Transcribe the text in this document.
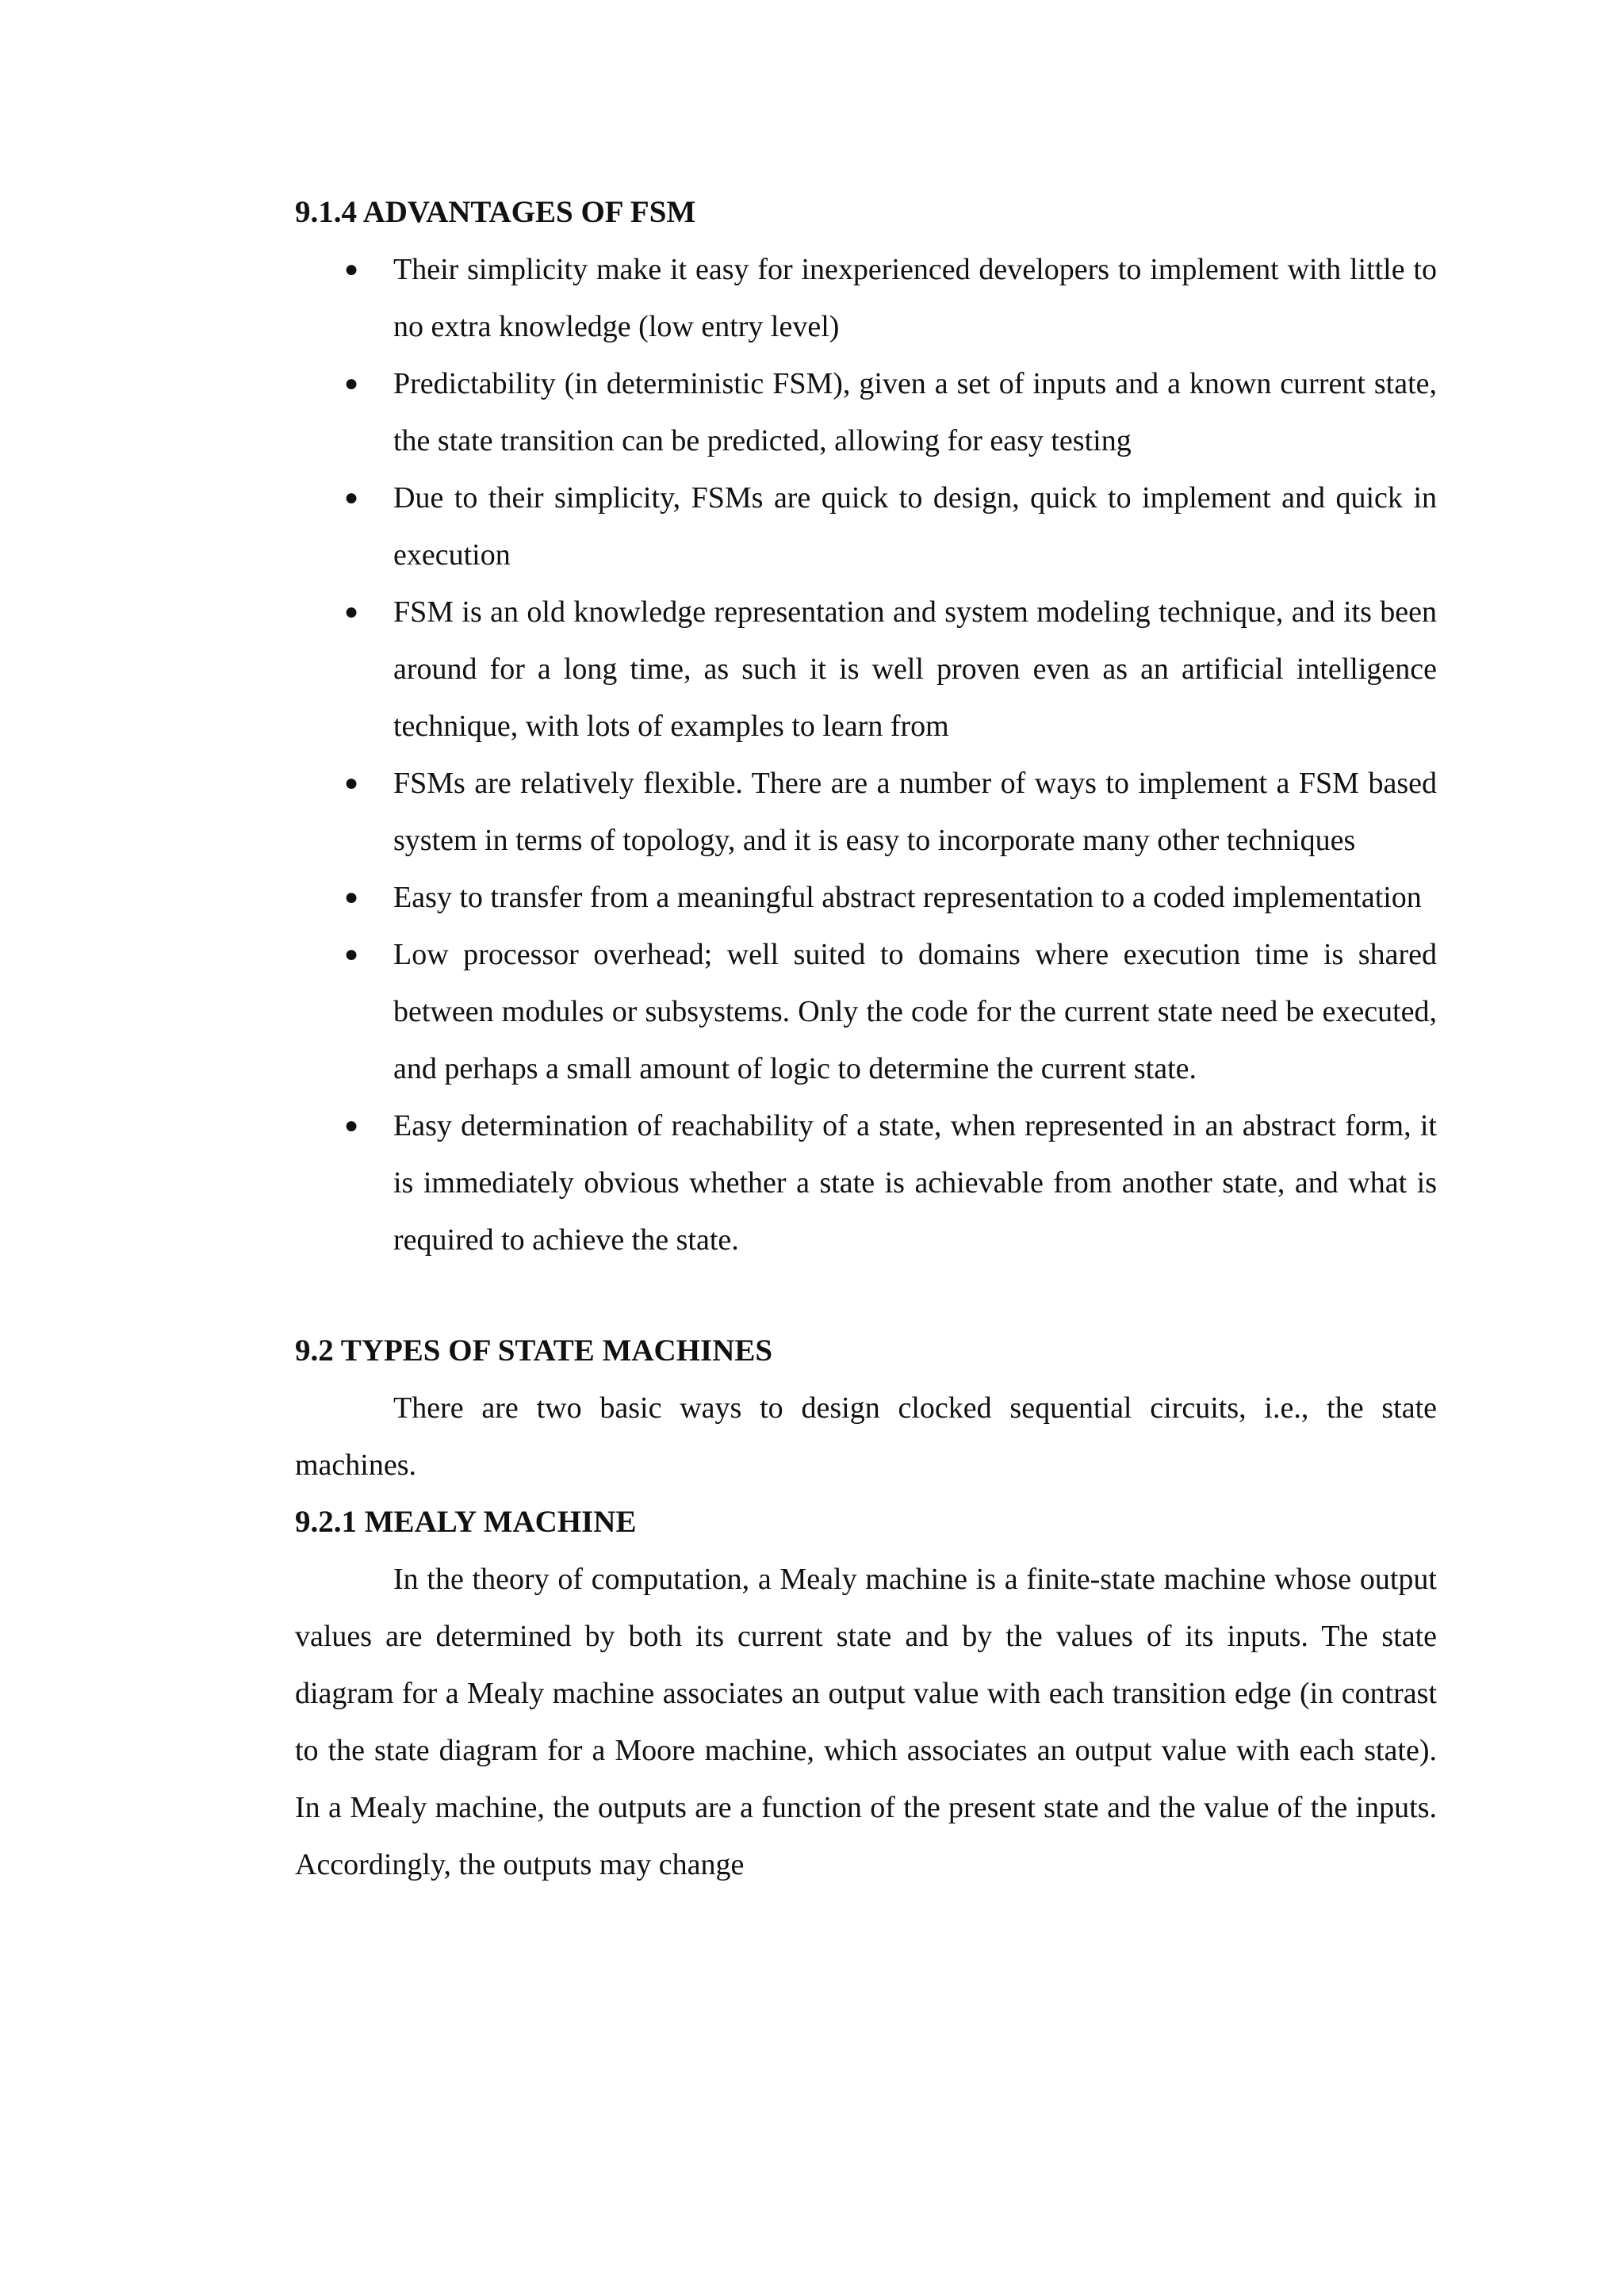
9.1.4 ADVANTAGES OF FSM
● Their simplicity make it easy for inexperienced developers to implement with little to no extra knowledge (low entry level)
● Predictability (in deterministic FSM), given a set of inputs and a known current state, the state transition can be predicted, allowing for easy testing
● Due to their simplicity, FSMs are quick to design, quick to implement and quick in execution
● FSM is an old knowledge representation and system modeling technique, and its been around for a long time, as such it is well proven even as an artificial intelligence technique, with lots of examples to learn from
● FSMs are relatively flexible. There are a number of ways to implement a FSM based system in terms of topology, and it is easy to incorporate many other techniques
● Easy to transfer from a meaningful abstract representation to a coded implementation
● Low processor overhead; well suited to domains where execution time is shared between modules or subsystems. Only the code for the current state need be executed, and perhaps a small amount of logic to determine the current state.
● Easy determination of reachability of a state, when represented in an abstract form, it is immediately obvious whether a state is achievable from another state, and what is required to achieve the state.
9.2 TYPES OF STATE MACHINES

There are two basic ways to design clocked sequential circuits, i.e., the state machines.

9.2.1 MEALY MACHINE

In the theory of computation, a Mealy machine is a finite-state machine whose output values are determined by both its current state and by the values of its inputs. The state diagram for a Mealy machine associates an output value with each transition edge (in contrast to the state diagram for a Moore machine, which associates an output value with each state). In a Mealy machine, the outputs are a function of the present state and the value of the inputs. Accordingly, the outputs may change
